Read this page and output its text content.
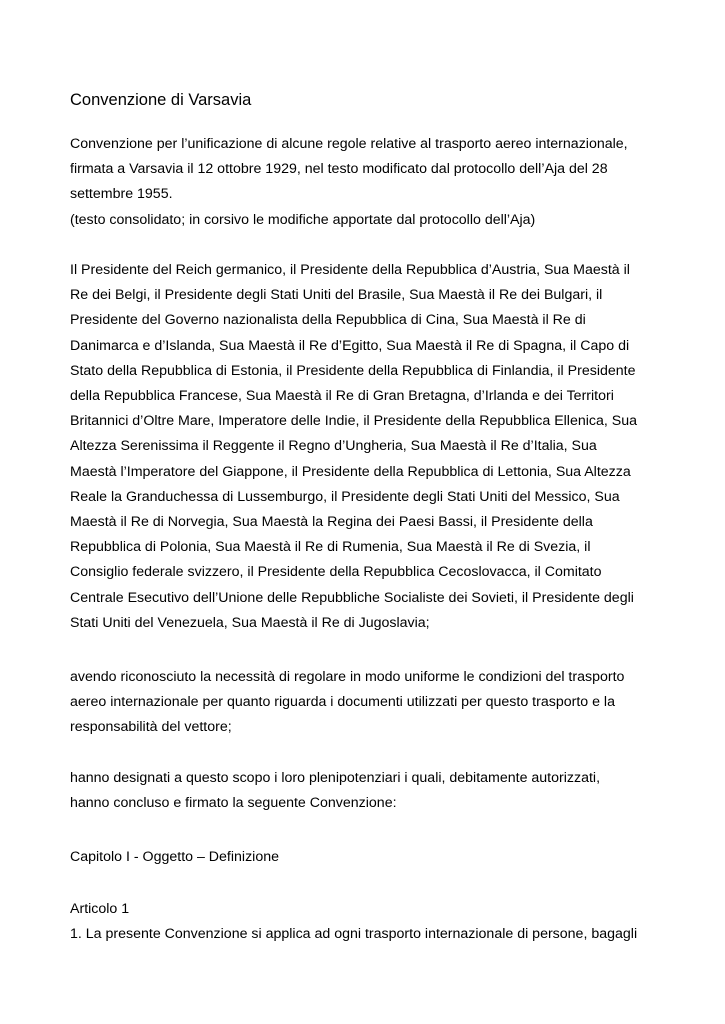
Convenzione di Varsavia

Convenzione per l’unificazione di alcune regole relative al trasporto aereo internazionale,
firmata a Varsavia il 12 ottobre 1929, nel testo modificato dal protocollo dell’Aja del 28
settembre 1955.
(testo consolidato; in corsivo le modifiche apportate dal protocollo dell’Aja)

Il Presidente del Reich germanico, il Presidente della Repubblica d’Austria, Sua Maestà il
Re dei Belgi, il Presidente degli Stati Uniti del Brasile, Sua Maestà il Re dei Bulgari, il
Presidente del Governo nazionalista della Repubblica di Cina, Sua Maestà il Re di
Danimarca e d’Islanda, Sua Maestà il Re d’Egitto, Sua Maestà il Re di Spagna, il Capo di
Stato della Repubblica di Estonia, il Presidente della Repubblica di Finlandia, il Presidente
della Repubblica Francese, Sua Maestà il Re di Gran Bretagna, d’Irlanda e dei Territori
Britannici d’Oltre Mare, Imperatore delle Indie, il Presidente della Repubblica Ellenica, Sua
Altezza Serenissima il Reggente il Regno d’Ungheria, Sua Maestà il Re d’Italia, Sua
Maestà l’Imperatore del Giappone, il Presidente della Repubblica di Lettonia, Sua Altezza
Reale la Granduchessa di Lussemburgo, il Presidente degli Stati Uniti del Messico, Sua
Maestà il Re di Norvegia, Sua Maestà la Regina dei Paesi Bassi, il Presidente della
Repubblica di Polonia, Sua Maestà il Re di Rumenia, Sua Maestà il Re di Svezia, il
Consiglio federale svizzero, il Presidente della Repubblica Cecoslovacca, il Comitato
Centrale Esecutivo dell’Unione delle Repubbliche Socialiste dei Sovieti, il Presidente degli
Stati Uniti del Venezuela, Sua Maestà il Re di Jugoslavia;

avendo riconosciuto la necessità di regolare in modo uniforme le condizioni del trasporto
aereo internazionale per quanto riguarda i documenti utilizzati per questo trasporto e la
responsabilità del vettore;

hanno designati a questo scopo i loro plenipotenziari i quali, debitamente autorizzati,
hanno concluso e firmato la seguente Convenzione:

Capitolo I - Oggetto – Definizione

Articolo 1
1. La presente Convenzione si applica ad ogni trasporto internazionale di persone, bagagli
